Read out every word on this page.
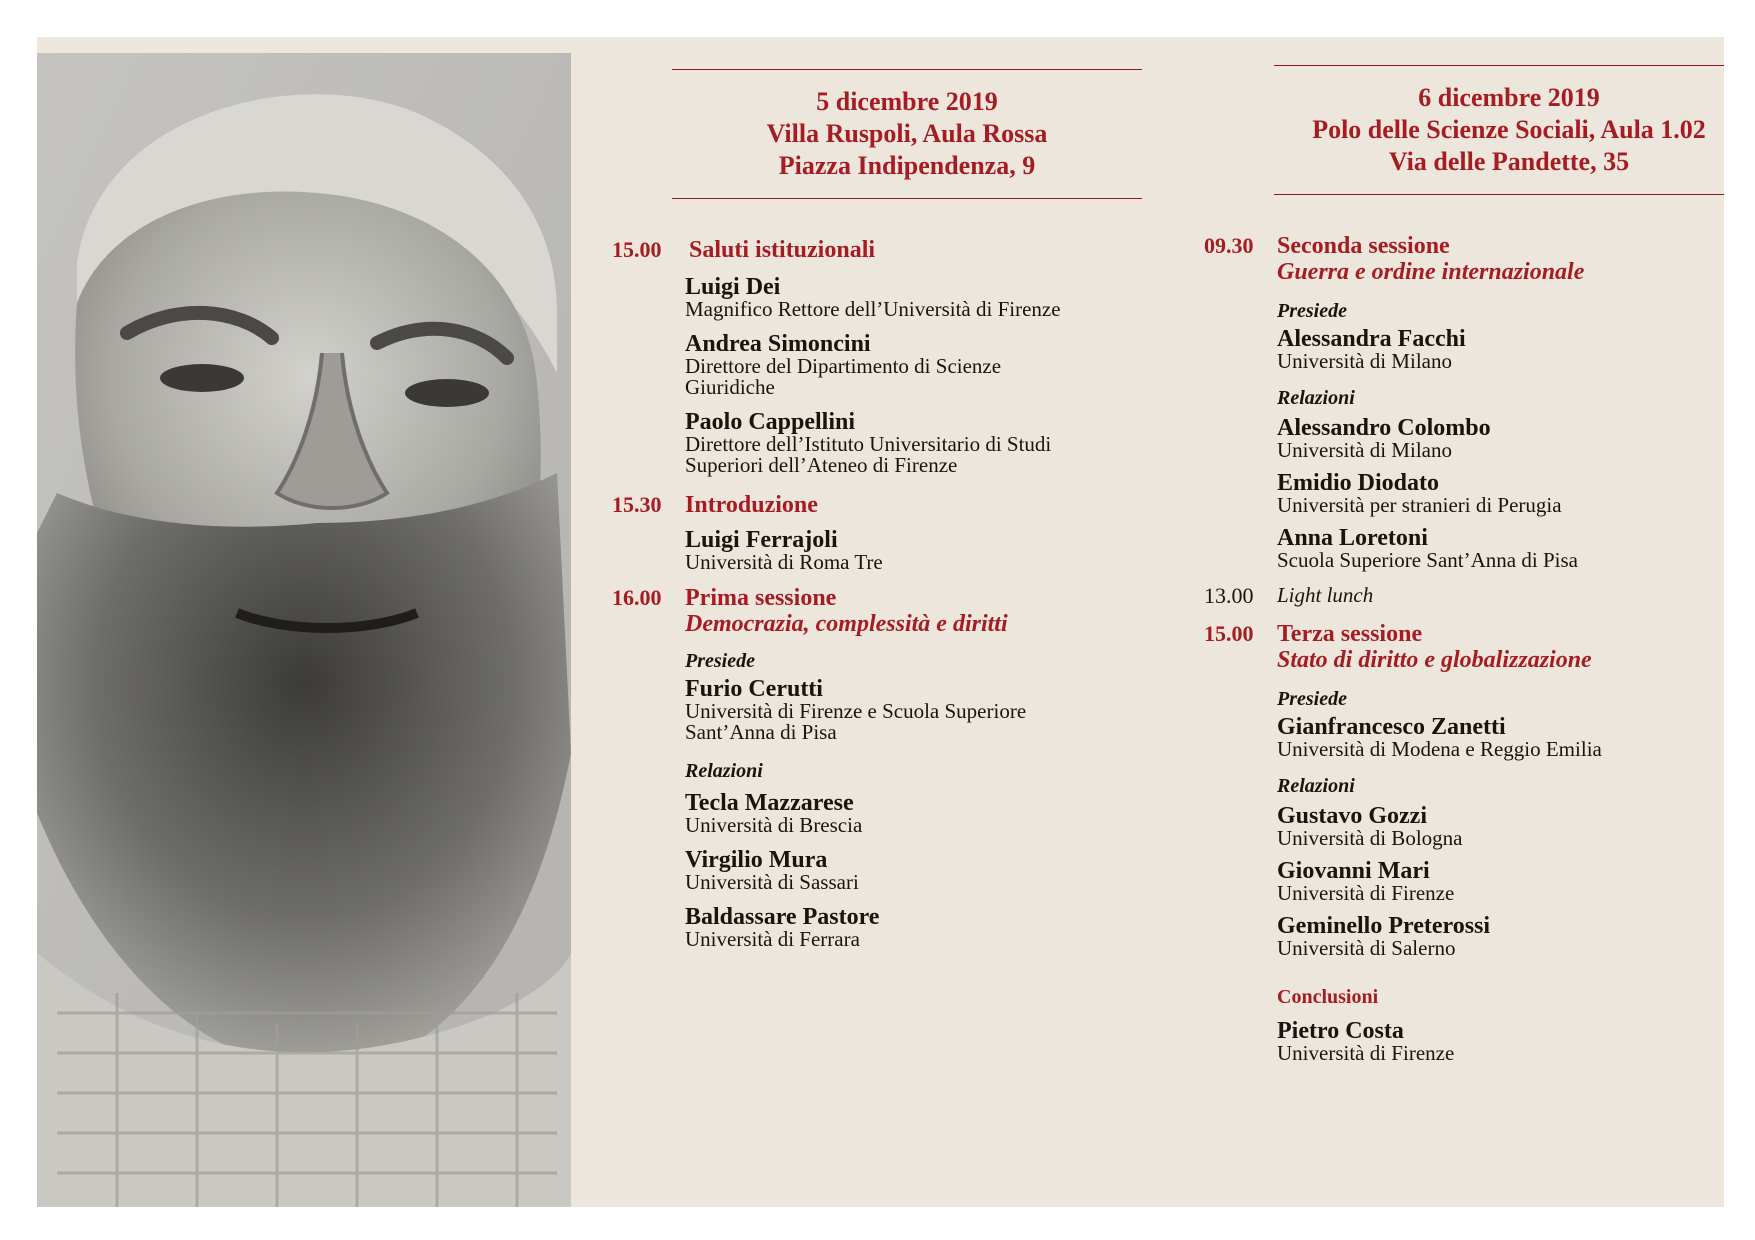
5 dicembre 2019
Villa Ruspoli, Aula Rossa
Piazza Indipendenza, 9
15.00	Saluti istituzionali
Luigi Dei
Magnifico Rettore dell’Università di Firenze
Andrea Simoncini
Direttore del Dipartimento di Scienze Giuridiche
Paolo Cappellini
Direttore dell’Istituto Universitario di Studi Superiori dell’Ateneo di Firenze
15.30 Introduzione
Luigi Ferrajoli
Università di Roma Tre
16.00 Prima sessione
Democrazia, complessità e diritti
Presiede
Furio Cerutti
Università di Firenze e Scuola Superiore Sant’Anna di Pisa
Relazioni
Tecla Mazzarese
Università di Brescia
Virgilio Mura
Università di Sassari
Baldassare Pastore
Università di Ferrara
6 dicembre 2019
Polo delle Scienze Sociali, Aula 1.02
Via delle Pandette, 35
09.30 Seconda sessione
Guerra e ordine internazionale
Presiede
Alessandra Facchi
Università di Milano
Relazioni
Alessandro Colombo
Università di Milano
Emidio Diodato
Università per stranieri di Perugia
Anna Loretoni
Scuola Superiore Sant’Anna di Pisa
13.00	Light lunch
15.00 Terza sessione
Stato di diritto e globalizzazione
Presiede
Gianfrancesco Zanetti
Università di Modena e Reggio Emilia
Relazioni
Gustavo Gozzi
Università di Bologna
Giovanni Mari
Università di Firenze
Geminello Preterossi
Università di Salerno
Conclusioni
Pietro Costa
Università di Firenze
